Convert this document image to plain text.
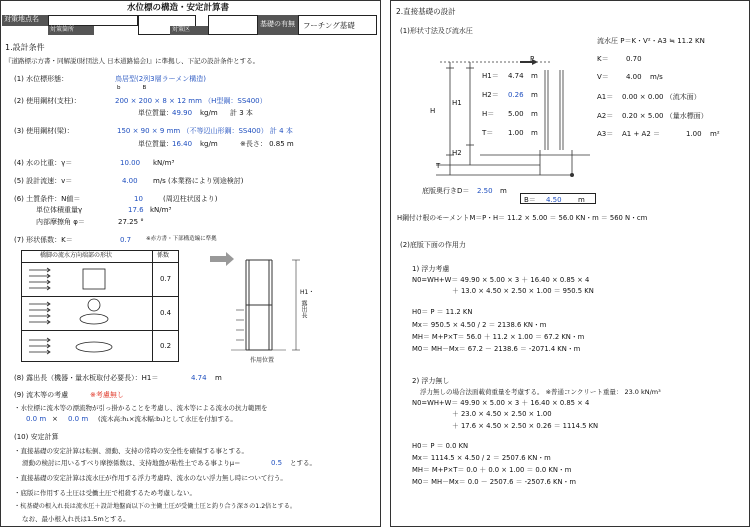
水位標の構造・安定計算書
対策地点名
対策箇所	対策区
基礎の有無	フーチング基礎
1.設計条件
『道路標示方書・同解説(財団法人 日本道路協会)』に準拠し、下記の設計条件とする。
(1) 水位標形態：	鳥居型(2列3層ラーメン構造)
b　　　　B
(2) 使用鋼材(支柱)：	200 × 200 × 8 × 12 mm （H型鋼：SS400）
単位質量： 49.90 kg/m 計 3 本
(3) 使用鋼材(梁)：	150 × 90 × 9 mm （不等辺山形鋼：SS400） 計 4 本
単位質量： 16.40 kg/m	※長さ： 0.85 m
(4) 水の比重：γ＝	10.00 kN/m³
(5) 設計流速：v＝	4.00 m/s (本業務により別途検討)
(6) 土質条件：N値＝	10	(周辺柱状図より)
単位体積重量γ	17.6 kN/m³
内部摩擦角 φ＝	27.25 °
(7) 形状係数：K＝	0.7	※赤方書・下部構造編に準拠
橋脚の流水方向端部の形状	係数
0.7
0.4
0.2
H1・
露出長
作用位置
(8) 露出長（機器・量水板取付必要長）：H1＝	4.74 m
(9) 流木等の考慮	※考慮無し
・水位標に流木等の漂流物が引っ掛かることを考慮し、流木等による流水の抗力範囲を
0.0 m × 0.0 m (流木高:h₁×流木幅:b₁)として水圧を付加する。
(10) 安定計算
・直接基礎の安定計算は転倒、滑動、支持の常時の安全性を確保する事とする。
滑動の検討に用いるすべり摩擦係数は、支持地盤が粘性土である事よりμ＝	0.5 とする。
・直接基礎の安定計算は流水圧が作用する浮力考慮時、流水のない浮力無し時について行う。
・底版に作用する土圧は受働土圧で相殺するため考慮しない。
・杭基礎の根入れ長は流水圧＋設計地盤面以下の主働土圧が受働土圧と釣り合う深さの1.2倍とする。
なお、最小根入れ長は1.5mとする。
2.直接基礎の設計
(1)形状寸法及び流水圧
流水圧 P＝K・V²・A3 ≒ 11.2 KN
P
H
H1
H2
T
H1＝ 4.74 m
H2＝ 0.26 m
H＝ 5.00 m
T＝ 1.00 m
K＝ 0.70
V＝ 4.00 m/s
A1＝ 0.00 × 0.00 （流木面）
A2＝ 0.20 × 5.00 （量水標面）
A3＝ A1 + A2 ＝	1.00 m²
底版奥行きD＝ 2.50 m
B＝ 4.50 m
H鋼付け根のモーメントM＝P・H＝ 11.2 × 5.00 ＝ 56.0 KN・m ＝ 560 N・cm
(2)底版下面の作用力
1) 浮力考慮
N0=WH+W＝ 49.90 × 5.00 × 3 ＋ 16.40 × 0.85 × 4
＋ 13.0 × 4.50 × 2.50 × 1.00 ＝ 950.5 KN
H0＝ P ＝ 11.2 KN
Mx＝ 950.5 × 4.50 / 2 ＝ 2138.6 KN・m
MH＝ M+P×T＝ 56.0 ＋ 11.2 × 1.00 ＝ 67.2 KN・m
M0＝ MH－Mx＝ 67.2 － 2138.6 ＝ -2071.4 KN・m
2) 浮力無し
浮力無しの場合法面載荷重量を考慮する。 ※普通コンクリート重量： 23.0 kN/m³
N0=WH+W＝ 49.90 × 5.00 × 3 ＋ 16.40 × 0.85 × 4
＋ 23.0 × 4.50 × 2.50 × 1.00
＋ 17.6 × 4.50 × 2.50 × 0.26 ＝ 1114.5 KN
H0＝ P ＝ 0.0 KN
Mx＝ 1114.5 × 4.50 / 2 ＝ 2507.6 KN・m
MH＝ M+P×T＝ 0.0 ＋ 0.0 × 1.00 ＝ 0.0 KN・m
M0＝ MH－Mx＝ 0.0 － 2507.6 ＝ -2507.6 KN・m
